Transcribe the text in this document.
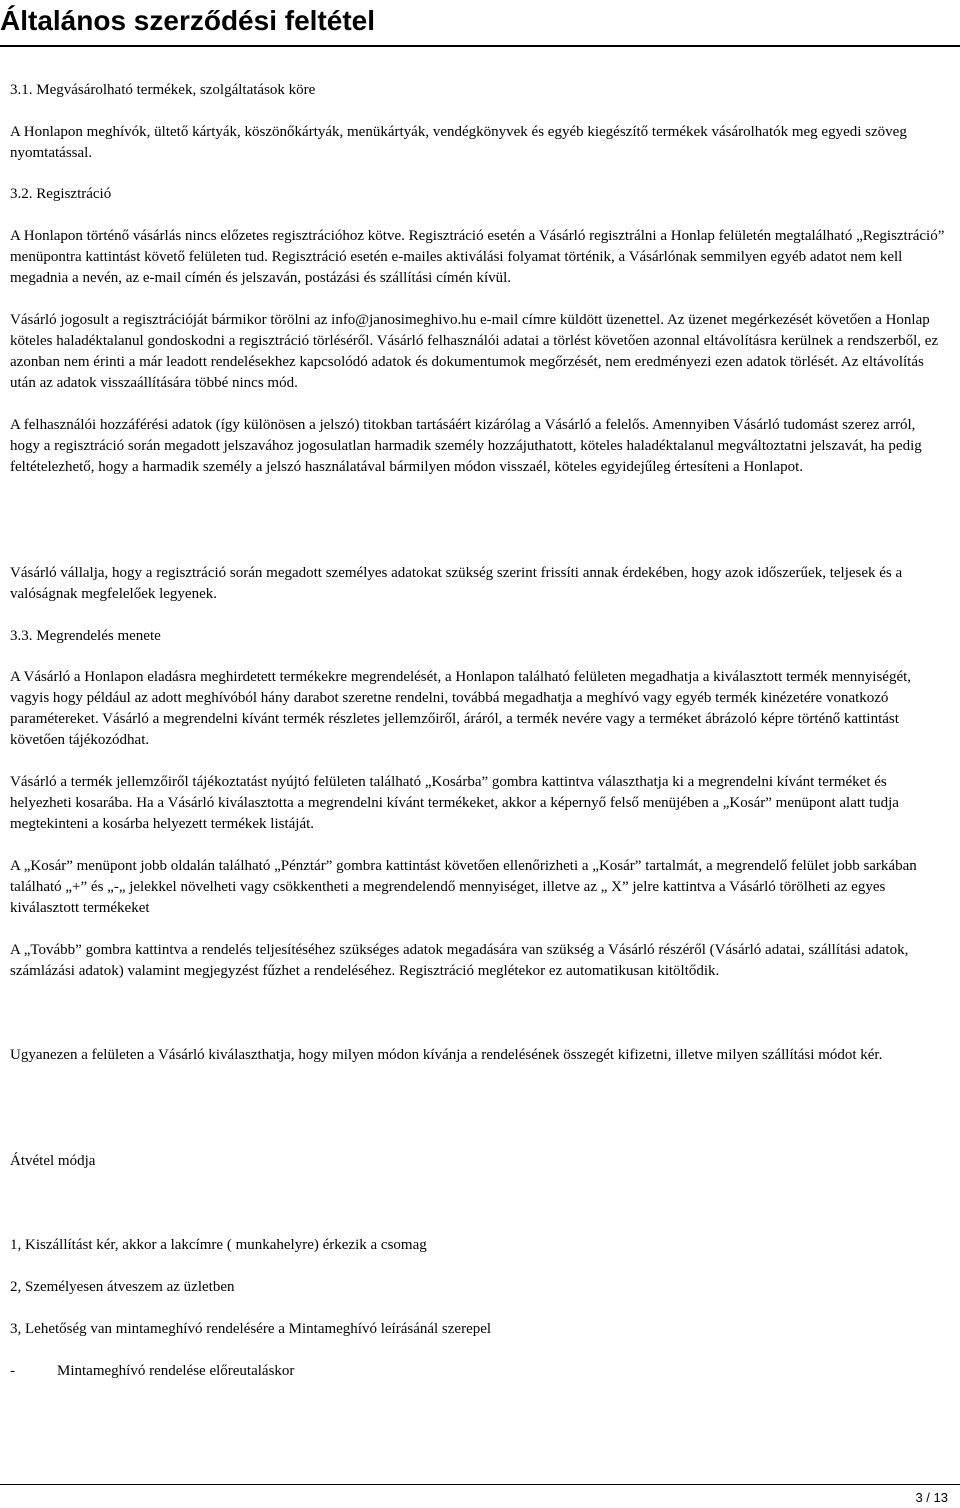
Általános szerződési feltétel

3.1. Megvásárolható termékek, szolgáltatások köre

A Honlapon meghívók, ültető kártyák, köszönőkártyák, menükártyák, vendégkönyvek és egyéb kiegészítő termékek vásárolhatók meg egyedi szöveg nyomtatással.

3.2. Regisztráció

A Honlapon történő vásárlás nincs előzetes regisztrációhoz kötve. Regisztráció esetén a Vásárló regisztrálni a Honlap felületén megtalálható „Regisztráció” menüpontra kattintást követő felületen tud. Regisztráció esetén e-mailes aktiválási folyamat történik, a Vásárlónak semmilyen egyéb adatot nem kell megadnia a nevén, az e-mail címén és jelszaván, postázási és szállítási címén kívül.

Vásárló jogosult a regisztrációját bármikor törölni az info@janosimeghivo.hu e-mail címre küldött üzenettel. Az üzenet megérkezését követően a Honlap köteles haladéktalanul gondoskodni a regisztráció törléséről. Vásárló felhasználói adatai a törlést követően azonnal eltávolításra kerülnek a rendszerből, ez azonban nem érinti a már leadott rendelésekhez kapcsolódó adatok és dokumentumok megőrzését, nem eredményezi ezen adatok törlését. Az eltávolítás után az adatok visszaállítására többé nincs mód.

A felhasználói hozzáférési adatok (így különösen a jelszó) titokban tartásáért kizárólag a Vásárló a felelős. Amennyiben Vásárló tudomást szerez arról, hogy a regisztráció során megadott jelszavához jogosulatlan harmadik személy hozzájuthatott, köteles haladéktalanul megváltoztatni jelszavát, ha pedig feltételezhető, hogy a harmadik személy a jelszó használatával bármilyen módon visszaél, köteles egyidejűleg értesíteni a Honlapot.

Vásárló vállalja, hogy a regisztráció során megadott személyes adatokat szükség szerint frissíti annak érdekében, hogy azok időszerűek, teljesek és a valóságnak megfelelőek legyenek.

3.3. Megrendelés menete

A Vásárló a Honlapon eladásra meghirdetett termékekre megrendelését, a Honlapon található felületen megadhatja a kiválasztott termék mennyiségét, vagyis hogy például az adott meghívóból hány darabot szeretne rendelni, továbbá megadhatja a meghívó vagy egyéb termék kinézetére vonatkozó paramétereket. Vásárló a megrendelni kívánt termék részletes jellemzőiről, áráról, a termék nevére vagy a terméket ábrázoló képre történő kattintást követően tájékozódhat.

Vásárló a termék jellemzőiről tájékoztatást nyújtó felületen található „Kosárba” gombra kattintva választhatja ki a megrendelni kívánt terméket és helyezheti kosarába. Ha a Vásárló kiválasztotta a megrendelni kívánt termékeket, akkor a képernyő felső menüjében a „Kosár” menüpont alatt tudja megtekinteni a kosárba helyezett termékek listáját.

A „Kosár” menüpont jobb oldalán található „Pénztár” gombra kattintást követően ellenőrizheti a „Kosár” tartalmát, a megrendelő felület jobb sarkában található „+” és „-„ jelekkel növelheti vagy csökkentheti a megrendelendő mennyiséget, illetve az „ X” jelre kattintva a Vásárló törölheti az egyes kiválasztott termékeket

A „Tovább” gombra kattintva a rendelés teljesítéséhez szükséges adatok megadására van szükség a Vásárló részéről (Vásárló adatai, szállítási adatok, számlázási adatok) valamint megjegyzést fűzhet a rendeléséhez. Regisztráció meglétekor ez automatikusan kitöltődik.

Ugyanezen a felületen a Vásárló kiválaszthatja, hogy milyen módon kívánja a rendelésének összegét kifizetni, illetve milyen szállítási módot kér.

Átvétel módja

1, Kiszállítást kér, akkor a lakcímre ( munkahelyre) érkezik a csomag

2, Személyesen átveszem az üzletben

3, Lehetőség van mintameghívó rendelésére a Mintameghívó leírásánál szerepel

-	Mintameghívó rendelése előreutaláskor

3 / 13
